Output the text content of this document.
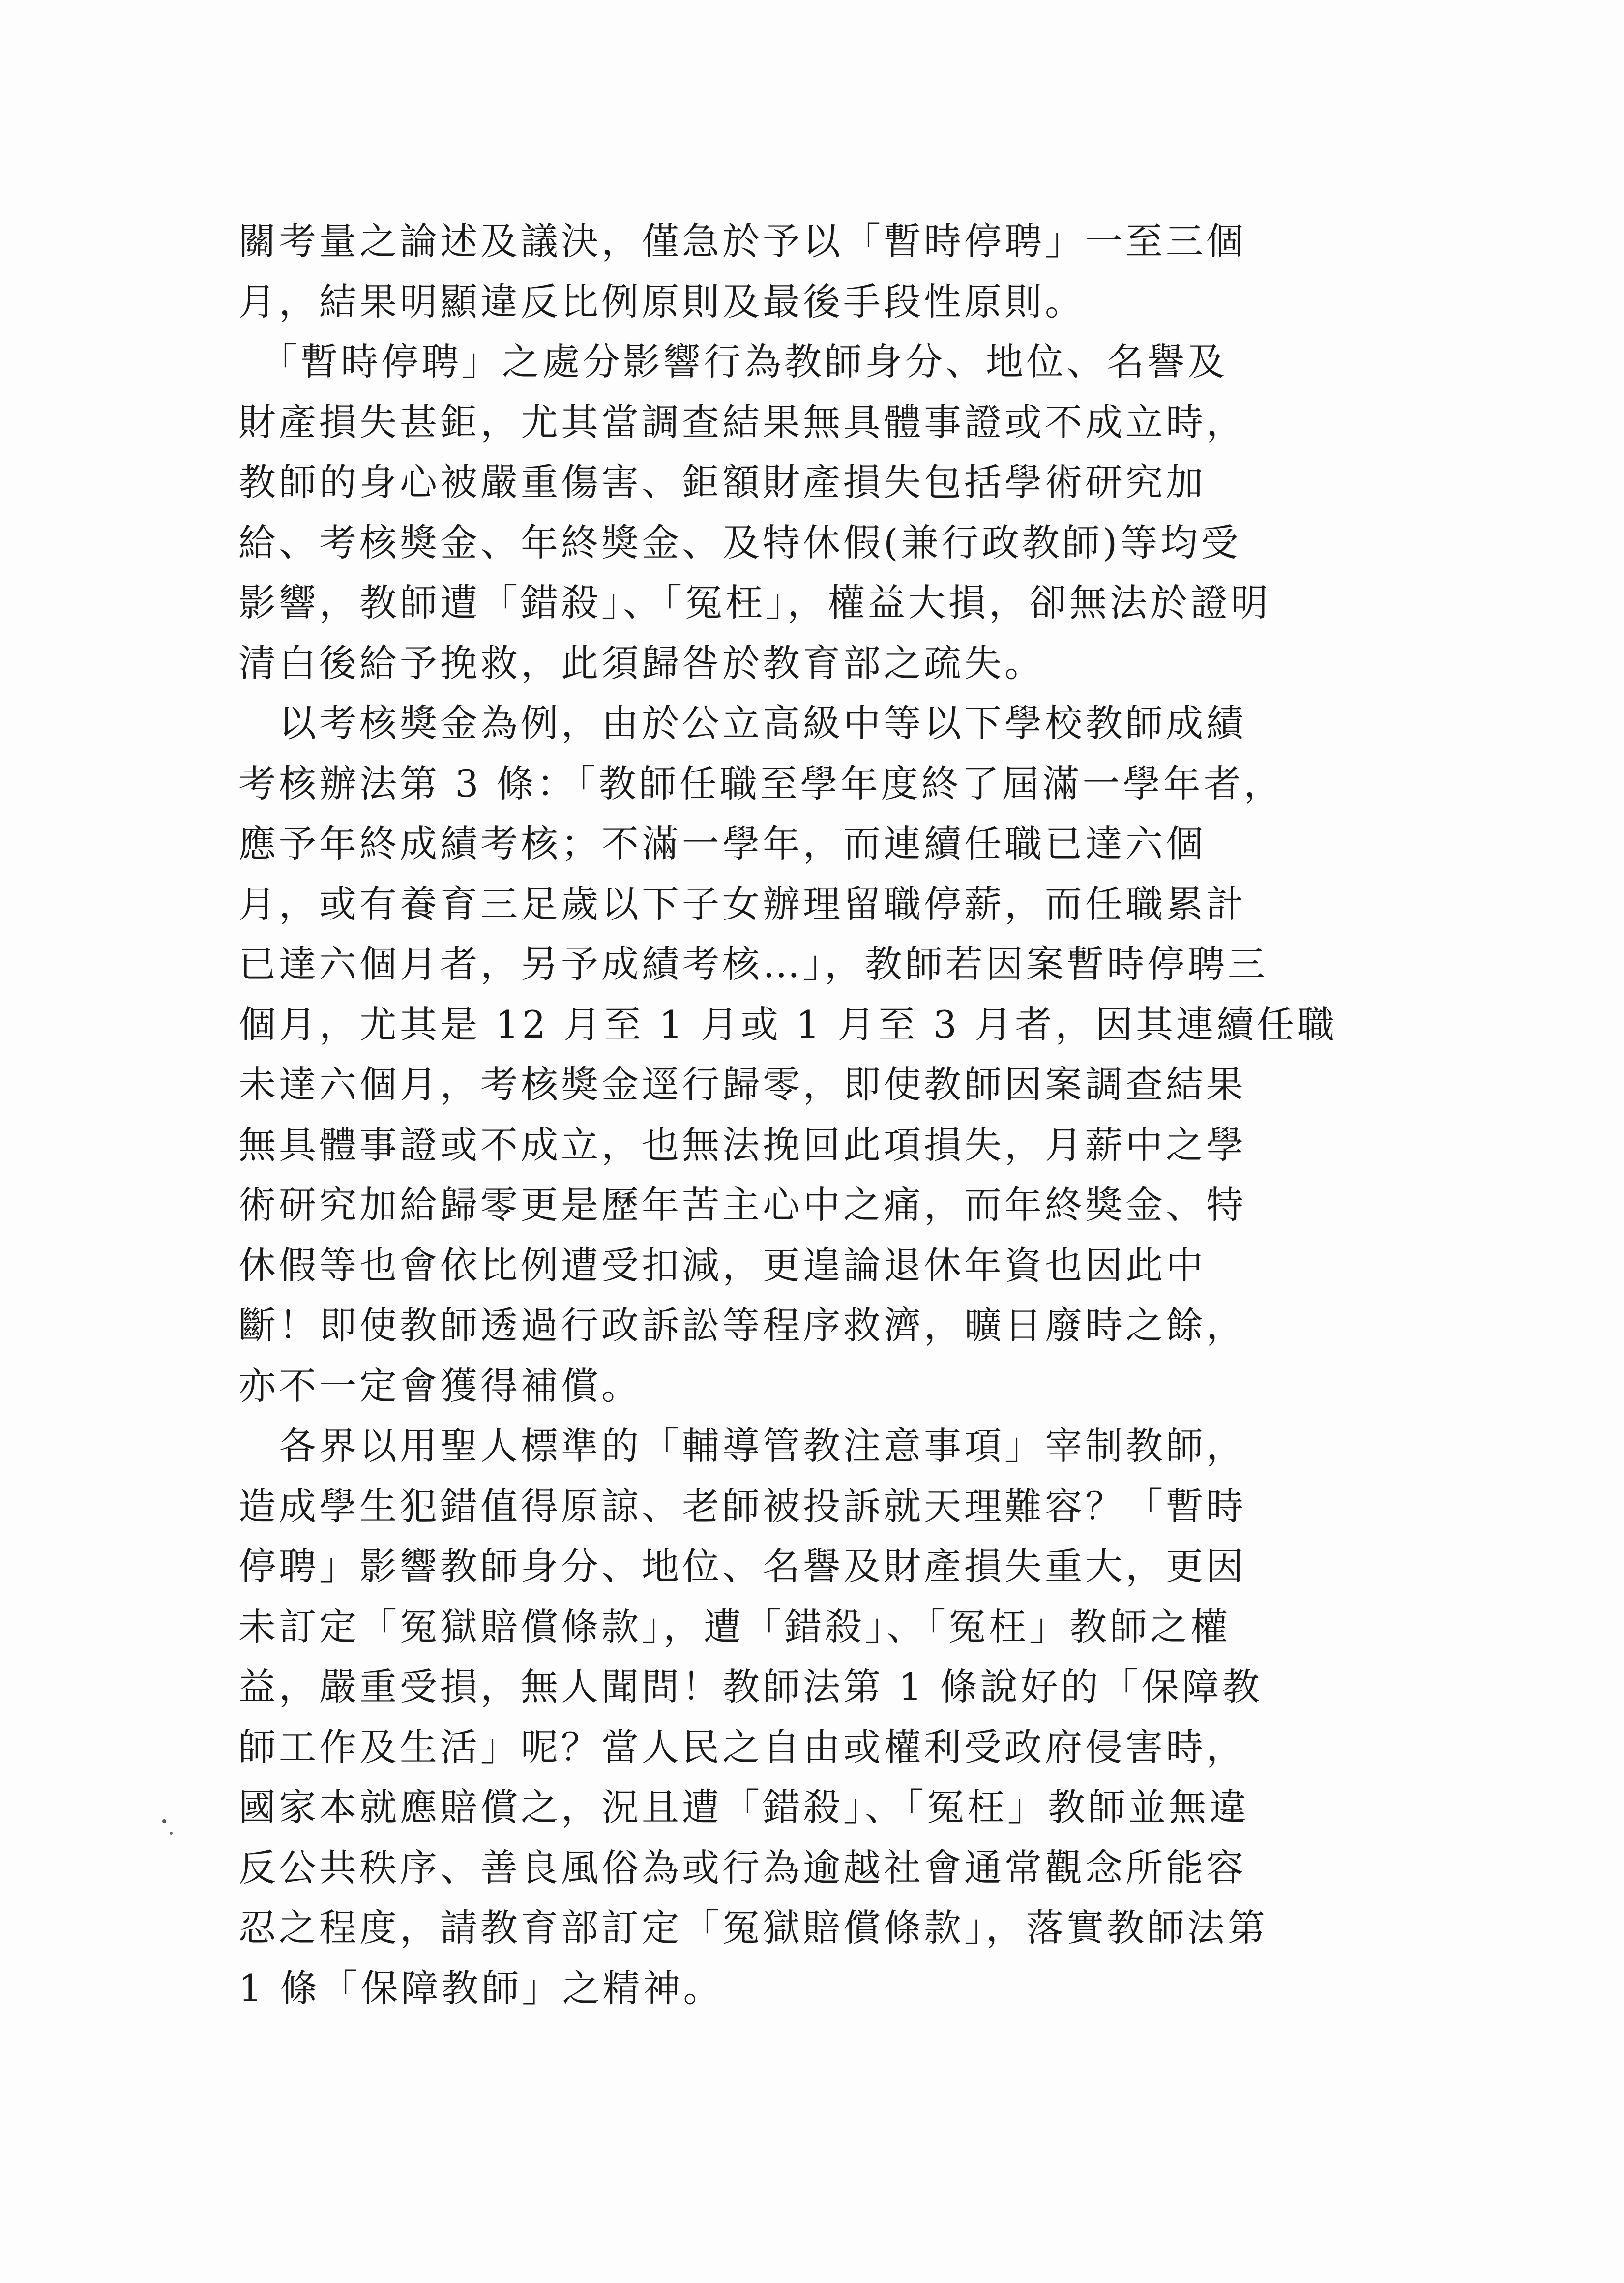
關考量之論述及議決，僅急於予以「暫時停聘」一至三個
月，結果明顯違反比例原則及最後手段性原則。
　「暫時停聘」之處分影響行為教師身分、地位、名譽及
財產損失甚鉅，尤其當調查結果無具體事證或不成立時，
教師的身心被嚴重傷害、鉅額財產損失包括學術研究加
給、考核獎金、年終獎金、及特休假(兼行政教師)等均受
影響，教師遭「錯殺」、「冤枉」，權益大損，卻無法於證明
清白後給予挽救，此須歸咎於教育部之疏失。
　以考核獎金為例，由於公立高級中等以下學校教師成績
考核辦法第 3 條：「教師任職至學年度終了屆滿一學年者，
應予年終成績考核；不滿一學年，而連續任職已達六個
月，或有養育三足歲以下子女辦理留職停薪，而任職累計
已達六個月者，另予成績考核…」，教師若因案暫時停聘三
個月，尤其是 12 月至 1 月或 1 月至 3 月者，因其連續任職
未達六個月，考核獎金逕行歸零，即使教師因案調查結果
無具體事證或不成立，也無法挽回此項損失，月薪中之學
術研究加給歸零更是歷年苦主心中之痛，而年終獎金、特
休假等也會依比例遭受扣減，更遑論退休年資也因此中
斷！即使教師透過行政訴訟等程序救濟，曠日廢時之餘，
亦不一定會獲得補償。
　各界以用聖人標準的「輔導管教注意事項」宰制教師，
造成學生犯錯值得原諒、老師被投訴就天理難容？「暫時
停聘」影響教師身分、地位、名譽及財產損失重大，更因
未訂定「冤獄賠償條款」，遭「錯殺」、「冤枉」教師之權
益，嚴重受損，無人聞問！教師法第 1 條說好的「保障教
師工作及生活」呢？當人民之自由或權利受政府侵害時，
國家本就應賠償之，況且遭「錯殺」、「冤枉」教師並無違
反公共秩序、善良風俗為或行為逾越社會通常觀念所能容
忍之程度，請教育部訂定「冤獄賠償條款」，落實教師法第
1 條「保障教師」之精神。
